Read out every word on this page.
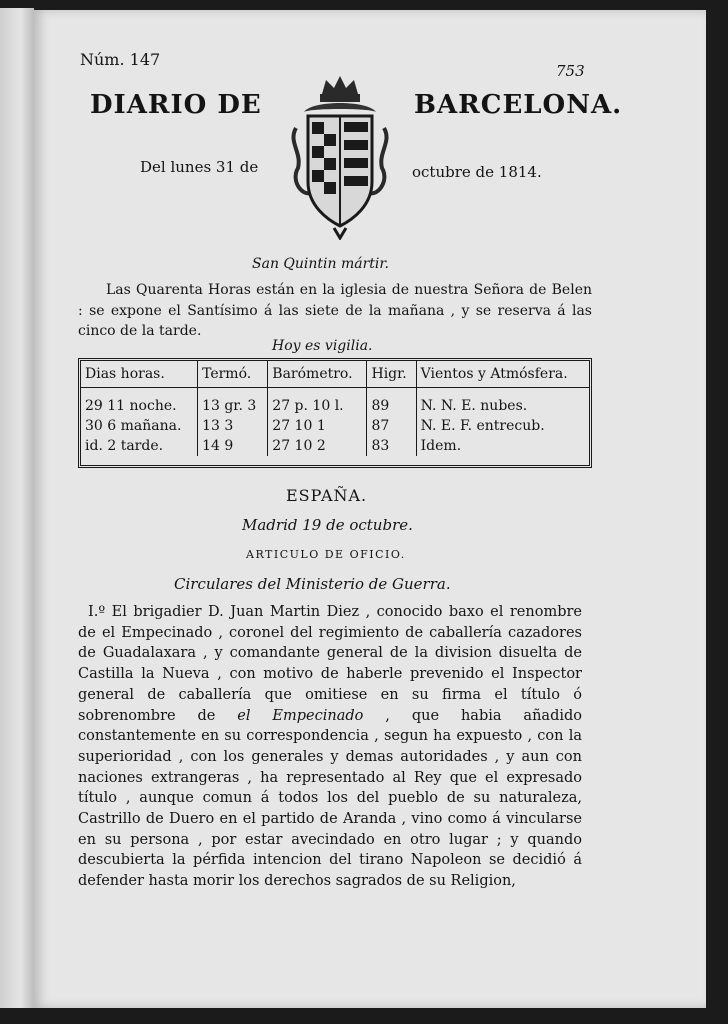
Núm. 147
753
DIARIO DE	BARCELONA.
Del lunes 31 de	octubre de 1814.
San Quintin mártir.
Las Quarenta Horas están en la iglesia de nuestra Señora de Belen : se expone el Santísimo á las siete de la mañana , y se reserva á las cinco de la tarde.
Hoy es vigilia.
Dias horas.	Termó.	Barómetro.	Higr.	Vientos y Atmósfera.
29 11 noche.	13 gr. 3	27 p. 10 l.	89	N. N. E. nubes.
30 6 mañana.	13 3	27 10 1	87	N. E. F. entrecub.
id. 2 tarde.	14 9	27 10 2	83	Idem.
ESPAÑA.
Madrid 19 de octubre.
ARTICULO DE OFICIO.
Circulares del Ministerio de Guerra.
I.º El brigadier D. Juan Martin Diez , conocido baxo el renombre de el Empecinado , coronel del regimiento de caballería cazadores de Guadalaxara , y comandante general de la division disuelta de Castilla la Nueva , con motivo de haberle prevenido el Inspector general de caballería que omitiese en su firma el título ó sobrenombre de el Empecinado , que habia añadido constantemente en su correspondencia , segun ha expuesto , con la superioridad , con los generales y demas autoridades , y aun con naciones extrangeras , ha representado al Rey que el expresado título , aunque comun á todos los del pueblo de su naturaleza, Castrillo de Duero en el partido de Aranda , vino como á vincularse en su persona , por estar avecindado en otro lugar ; y quando descubierta la pérfida intencion del tirano Napoleon se decidió á defender hasta morir los derechos sagrados de su Religion,
